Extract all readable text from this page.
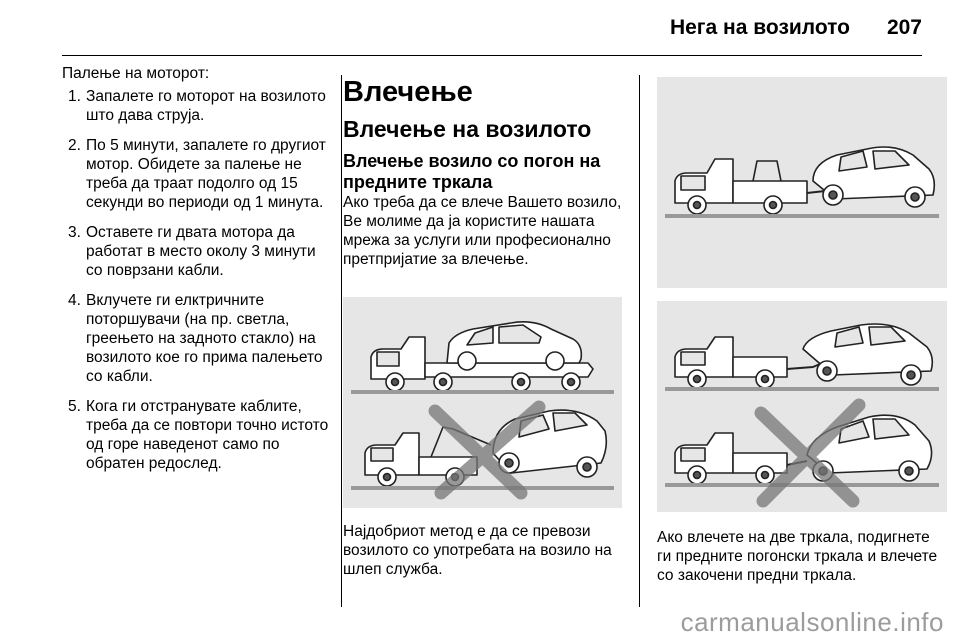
Нега на возилото 207

Палење на моторот:

1. Запалете го моторот на возилото што дава струја.
2. По 5 минути, запалете го другиот мотор. Обидете за палење не треба да траат подолго од 15 секунди во периоди од 1 минута.
3. Оставете ги двата мотора да работат в место околу 3 минути со поврзани кабли.
4. Вклучете ги елктричните поторшувачи (на пр. светла, греењето на задното стакло) на возилото кое го прима палењето со кабли.
5. Кога ги отстранувате каблите, треба да се повтори точно истото од горе наведенот само по обратен редослед.
Влечење
Влечење на возилото
Влечење возило со погон на предните тркала

Ако треба да се влече Вашето возило, Ве молиме да ја користите нашата мрежа за услуги или професионално претпријатие за влечење.

Најдобриот метод е да се превози возилото со употребата на возило на шлеп служба.

Ако влечете на две тркала, подигнете ги предните погонски тркала и влечете со закочени предни тркала.

carmanualsonline.info
